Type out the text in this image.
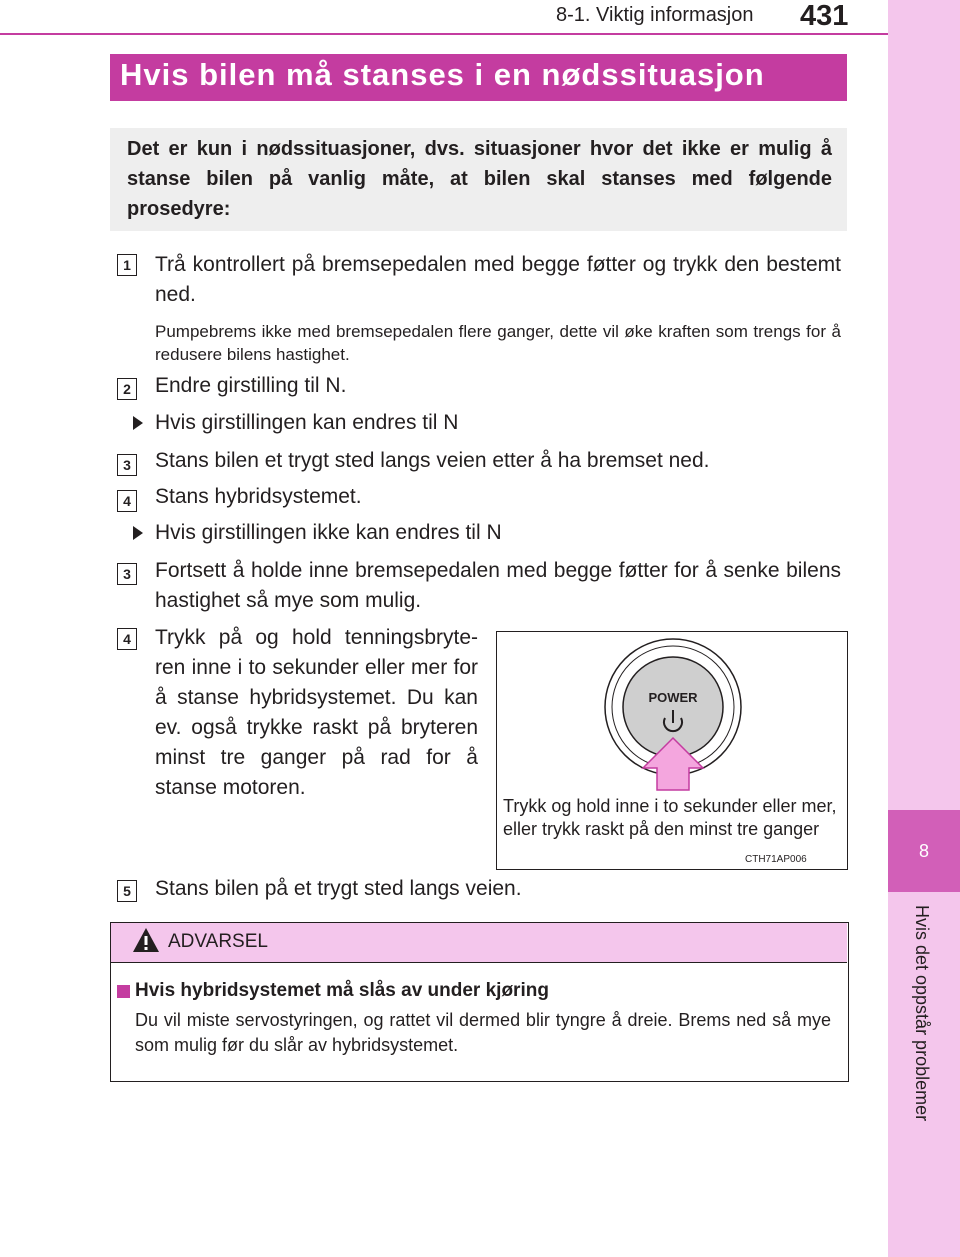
8-1. Viktig informasjon 431
8
Hvis det oppstår problemer
Hvis bilen må stanses i en nødssituasjon

Det er kun i nødssituasjoner, dvs. situasjoner hvor det ikke er mulig å stanse bilen på vanlig måte, at bilen skal stanses med følgende prosedyre:

1 Trå kontrollert på bremsepedalen med begge føtter og trykk den bestemt ned.
Pumpebrems ikke med bremsepedalen flere ganger, dette vil øke kraften som trengs for å redusere bilens hastighet.
2 Endre girstilling til N.
Hvis girstillingen kan endres til N
3 Stans bilen et trygt sted langs veien etter å ha bremset ned.
4 Stans hybridsystemet.
Hvis girstillingen ikke kan endres til N
3 Fortsett å holde inne bremsepedalen med begge føtter for å senke bilens hastighet så mye som mulig.
4 Trykk på og hold tenningsbryte-ren inne i to sekunder eller mer for å stanse hybridsystemet. Du kan ev. også trykke raskt på bryteren minst tre ganger på rad for å stanse motoren.
POWER
Trykk og hold inne i to sekunder eller mer, eller trykk raskt på den minst tre ganger
CTH71AP006
5 Stans bilen på et trygt sted langs veien.
ADVARSEL
Hvis hybridsystemet må slås av under kjøring
Du vil miste servostyringen, og rattet vil dermed blir tyngre å dreie. Brems ned så mye som mulig før du slår av hybridsystemet.
